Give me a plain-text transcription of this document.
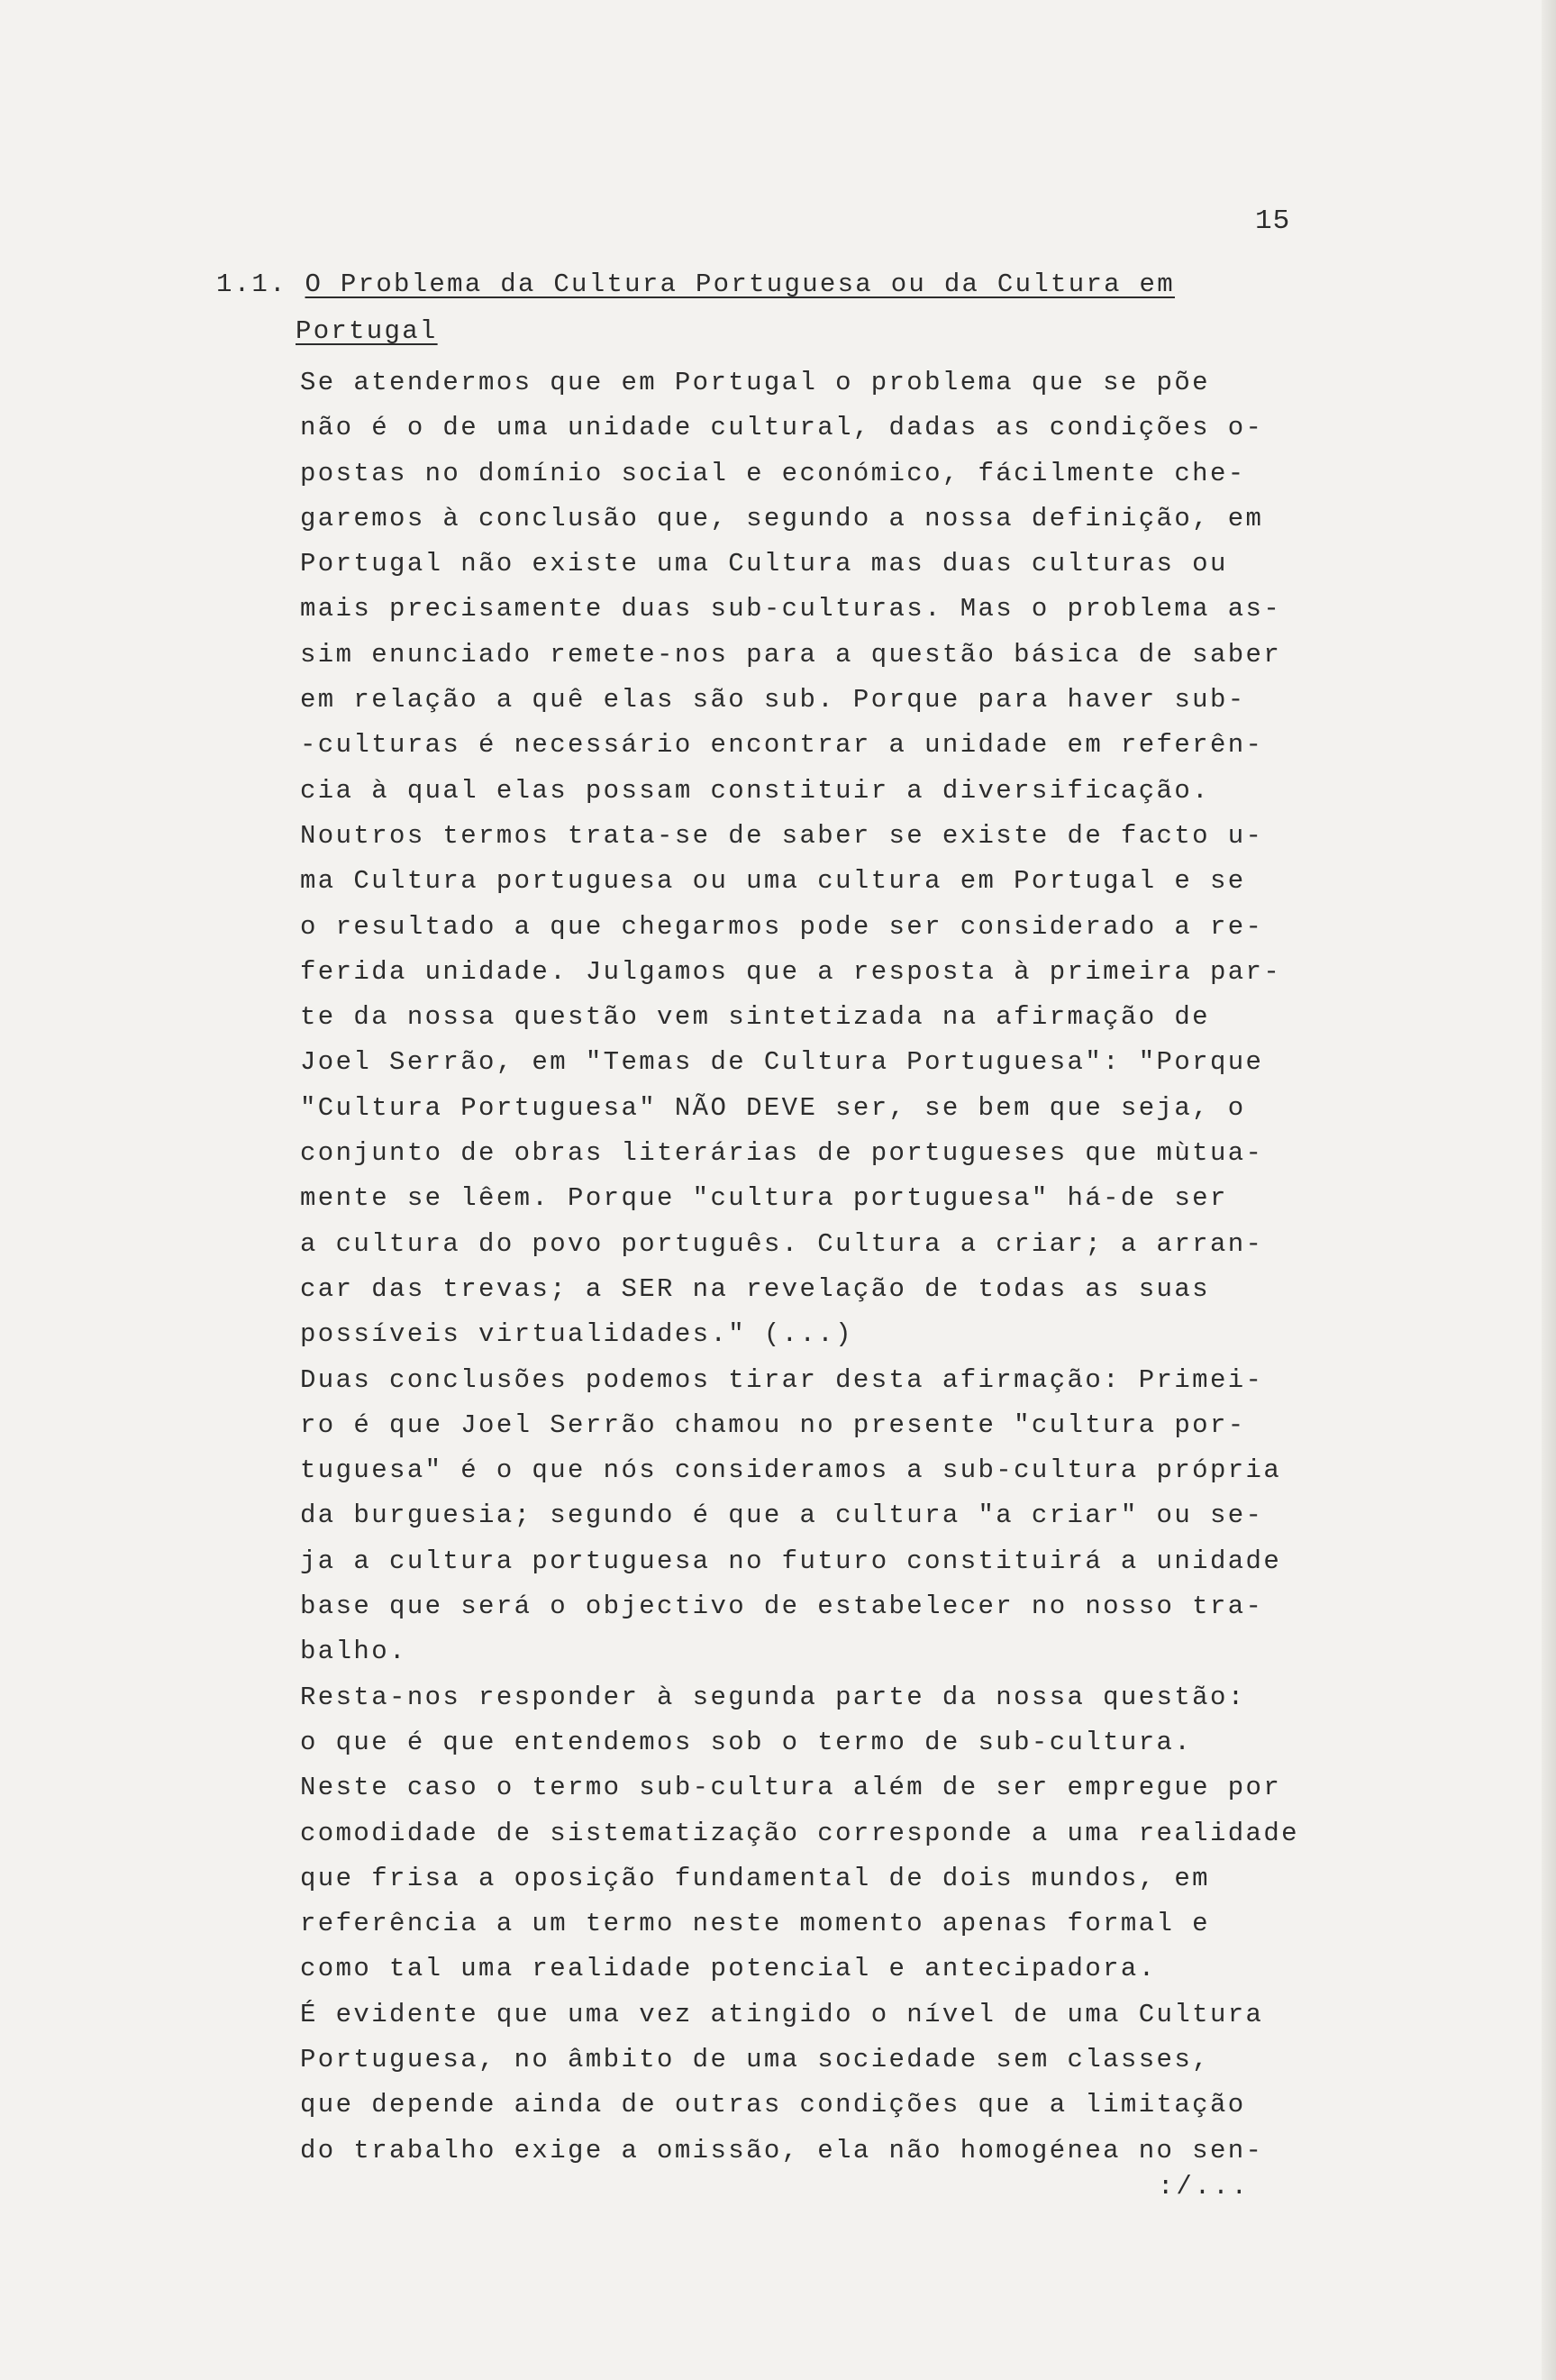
15
1.1. O Problema da Cultura Portuguesa ou da Cultura em
Portugal
Se atendermos que em Portugal o problema que se põe
não é o de uma unidade cultural, dadas as condições o-
postas no domínio social e económico, fácilmente che-
garemos à conclusão que, segundo a nossa definição, em
Portugal não existe uma Cultura mas duas culturas ou
mais precisamente duas sub-culturas. Mas o problema as-
sim enunciado remete-nos para a questão básica de saber
em relação a quê elas são sub. Porque para haver sub-
-culturas é necessário encontrar a unidade em referên-
cia à qual elas possam constituir a diversificação.
Noutros termos trata-se de saber se existe de facto u-
ma Cultura portuguesa ou uma cultura em Portugal e se
o resultado a que chegarmos pode ser considerado a re-
ferida unidade. Julgamos que a resposta à primeira par-
te da nossa questão vem sintetizada na afirmação de
Joel Serrão, em "Temas de Cultura Portuguesa": "Porque
"Cultura Portuguesa" NÃO DEVE ser, se bem que seja, o
conjunto de obras literárias de portugueses que mùtua-
mente se lêem. Porque "cultura portuguesa" há-de ser
a cultura do povo português. Cultura a criar; a arran-
car das trevas; a SER na revelação de todas as suas
possíveis virtualidades." (...)
Duas conclusões podemos tirar desta afirmação: Primei-
ro é que Joel Serrão chamou no presente "cultura por-
tuguesa" é o que nós consideramos a sub-cultura própria
da burguesia; segundo é que a cultura "a criar" ou se-
ja a cultura portuguesa no futuro constituirá a unidade
base que será o objectivo de estabelecer no nosso tra-
balho.
Resta-nos responder à segunda parte da nossa questão:
o que é que entendemos sob o termo de sub-cultura.
Neste caso o termo sub-cultura além de ser empregue por
comodidade de sistematização corresponde a uma realidade
que frisa a oposição fundamental de dois mundos, em
referência a um termo neste momento apenas formal e
como tal uma realidade potencial e antecipadora.
É evidente que uma vez atingido o nível de uma Cultura
Portuguesa, no âmbito de uma sociedade sem classes,
que depende ainda de outras condições que a limitação
do trabalho exige a omissão, ela não homogénea no sen-
:/...
